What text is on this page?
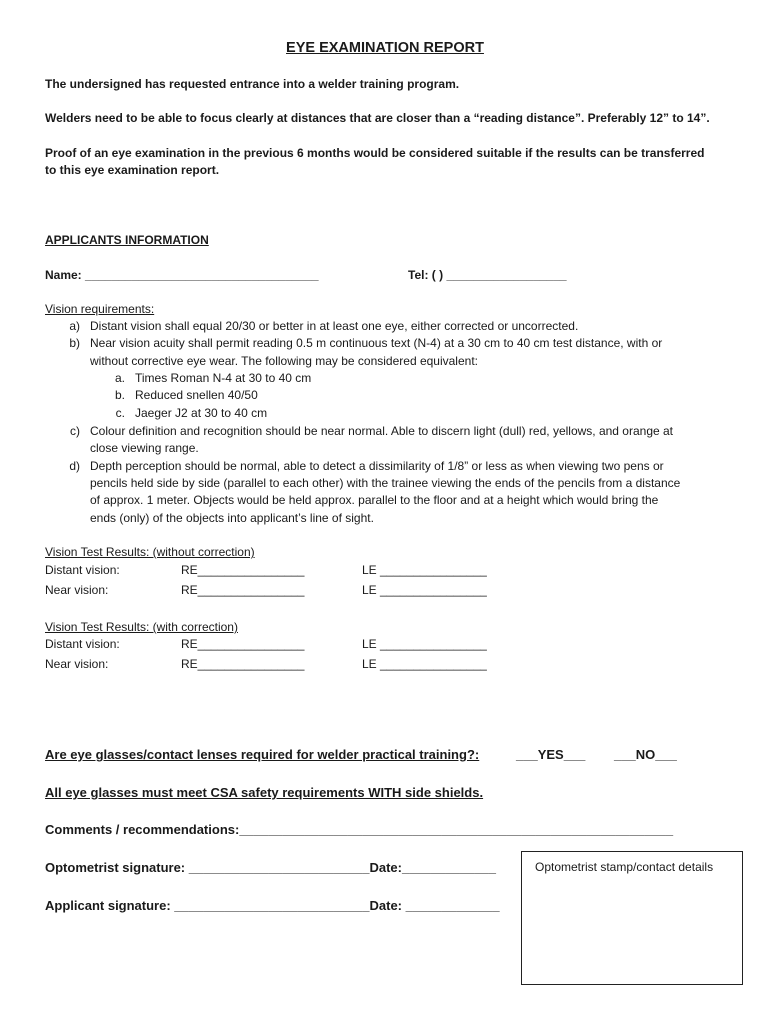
EYE EXAMINATION REPORT
The undersigned has requested entrance into a welder training program.
Welders need to be able to focus clearly at distances that are closer than a “reading distance”. Preferably 12” to 14”.
Proof of an eye examination in the previous 6 months would be considered suitable if the results can be transferred
to this eye examination report.
APPLICANTS INFORMATION
Name: ___________________________________	Tel: ( ) __________________
Vision requirements:
a) Distant vision shall equal 20/30 or better in at least one eye, either corrected or uncorrected.
b) Near vision acuity shall permit reading 0.5 m continuous text (N-4) at a 30 cm to 40 cm test distance, with or
without corrective eye wear. The following may be considered equivalent:
a. Times Roman N-4 at 30 to 40 cm
b. Reduced snellen 40/50
c. Jaeger J2 at 30 to 40 cm
c) Colour definition and recognition should be near normal. Able to discern light (dull) red, yellows, and orange at
close viewing range.
d) Depth perception should be normal, able to detect a dissimilarity of 1/8” or less as when viewing two pens or
pencils held side by side (parallel to each other) with the trainee viewing the ends of the pencils from a distance
of approx. 1 meter. Objects would be held approx. parallel to the floor and at a height which would bring the
ends (only) of the objects into applicant’s line of sight.
Vision Test Results: (without correction)
Distant vision:	RE________________	LE ________________
Near vision:	RE________________	LE ________________
Vision Test Results: (with correction)
Distant vision:	RE________________	LE ________________
Near vision:	RE________________	LE ________________
Are eye glasses/contact lenses required for welder practical training?:	___YES___ ___NO___
All eye glasses must meet CSA safety requirements WITH side shields.
Comments / recommendations:____________________________________________________________
Optometrist signature: _________________________Date:_____________
Applicant signature: ___________________________Date: _____________
Optometrist stamp/contact details
